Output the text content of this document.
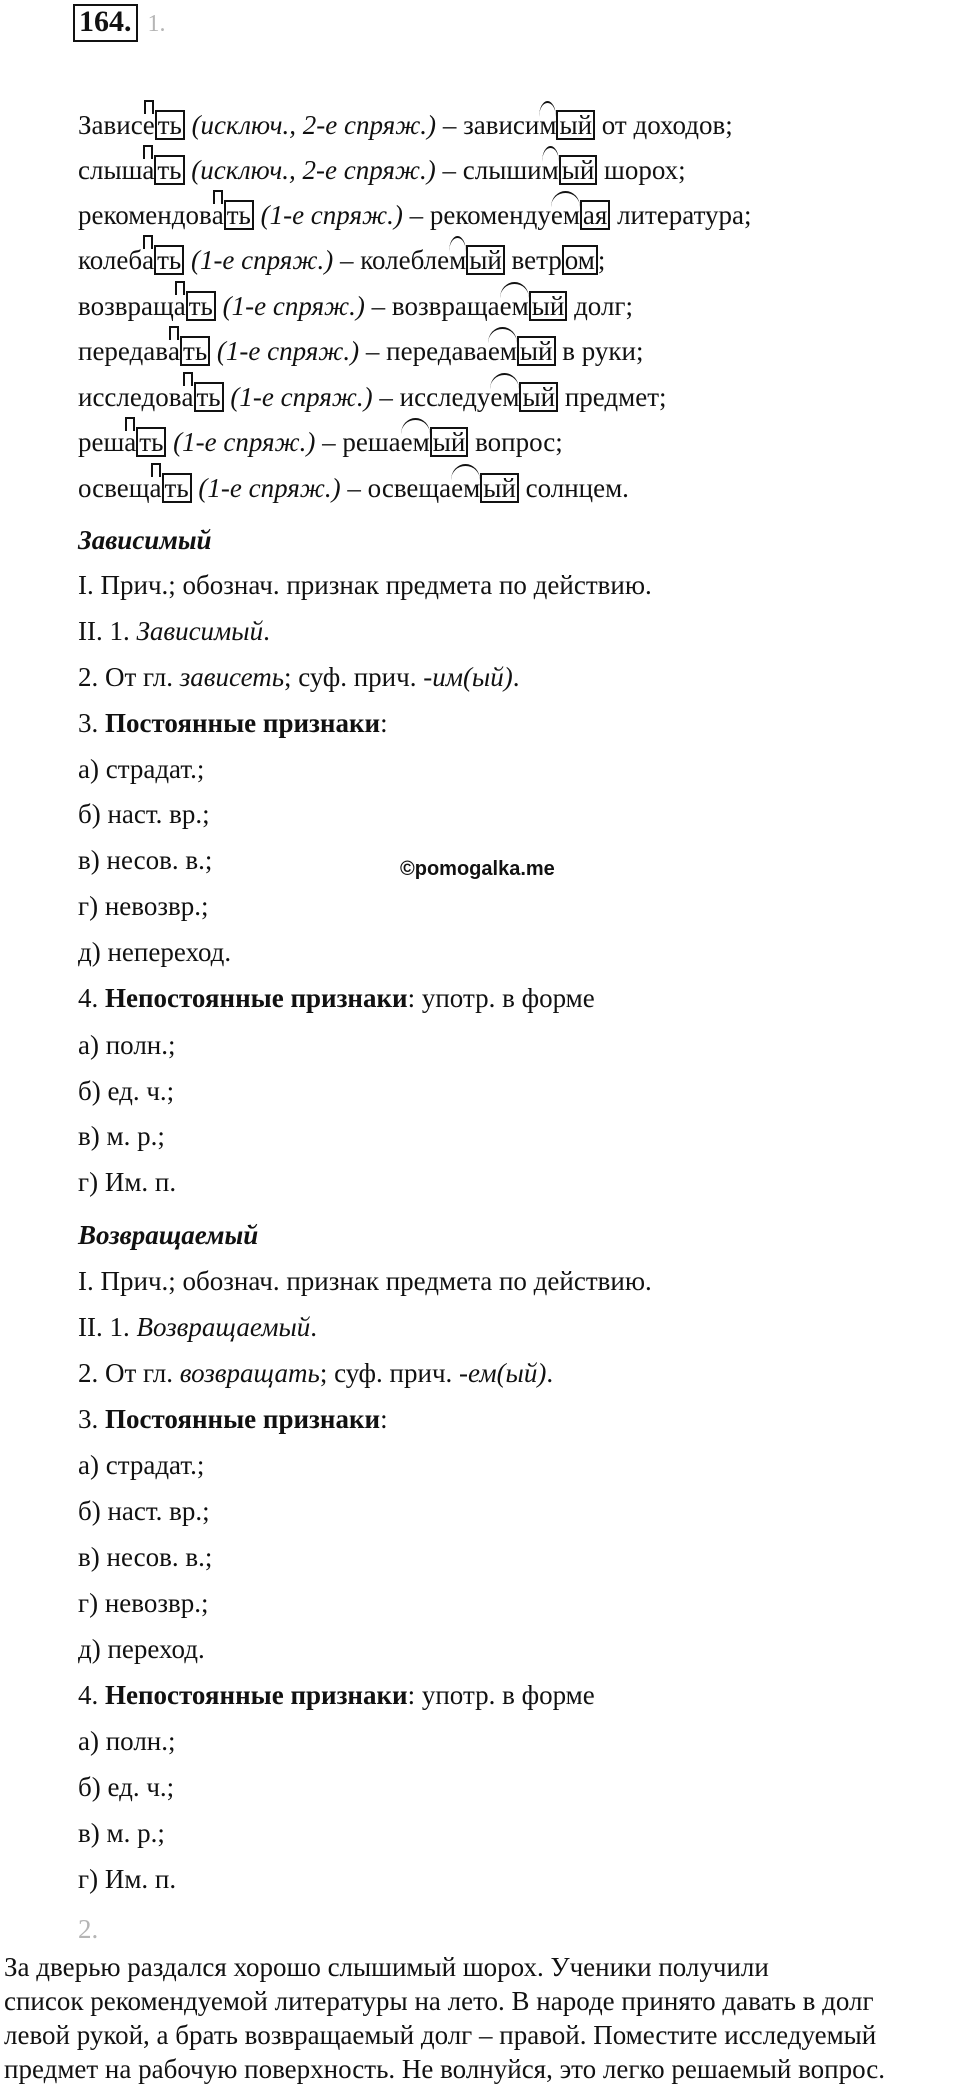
164. 1.
Зависе ть (исключ., 2-е спряж.) – зависим ый от доходов;
слыша ть (исключ., 2-е спряж.) – слышим ый шорох;
рекомендова ть (1-е спряж.) – рекомендуем ая литература;
колеба ть (1-е спряж.) – колеблем ый ветр ом ;
возвраща ть (1-е спряж.) – возвращаем ый долг;
передава ть (1-е спряж.) – передаваем ый в руки;
исследова ть (1-е спряж.) – исследуем ый предмет;
реша ть (1-е спряж.) – решаем ый вопрос;
освеща ть (1-е спряж.) – освещаем ый солнцем.
Зависимый
I. Прич.; обознач. признак предмета по действию.
II. 1. Зависимый.
2. От гл. зависеть; суф. прич. -им(ый).
3. Постоянные признаки:
а) страдат.;
б) наст. вр.;
в) несов. в.;
г) невозвр.;
д) непереход.
4. Непостоянные признаки: употр. в форме
а) полн.;
б) ед. ч.;
в) м. р.;
г) Им. п.
©pomogalka.me
Возвращаемый
I. Прич.; обознач. признак предмета по действию.
II. 1. Возвращаемый.
2. От гл. возвращать; суф. прич. -ем(ый).
3. Постоянные признаки:
а) страдат.;
б) наст. вр.;
в) несов. в.;
г) невозвр.;
д) переход.
4. Непостоянные признаки: употр. в форме
а) полн.;
б) ед. ч.;
в) м. р.;
г) Им. п.
2.
За дверью раздался хорошо слышимый шорох. Ученики получили
список рекомендуемой литературы на лето. В народе принято давать в долг
левой рукой, а брать возвращаемый долг – правой. Поместите исследуемый
предмет на рабочую поверхность. Не волнуйся, это легко решаемый вопрос.
